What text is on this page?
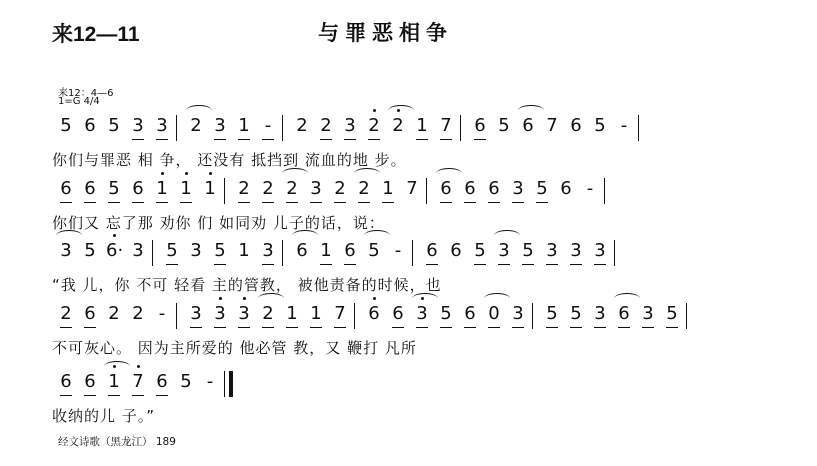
来12—11	与罪恶相争
来12：4—6
1=G 4/4
5 6 5 3 3 2 3 1 - 2 2 3 2 2 1 7 6 5 6 7 6 5 -
你们与罪恶 相 争， 还没有 抵挡到 流血的地 步。
6 6 5 6 1 1 1 2 2 2 3 2 2 1 7 6 6 6 3 5 6 -
你们又 忘了那 劝你 们 如同劝 儿子的话，说：
3 5 6· 3 5 3 5 1 3 6 1 6 5 - 6 6 5 3 5 3 3 3
“我 儿，你 不可 轻看 主的管教， 被他责备的时候，也
2 6 2 2 - 3 3 3 2 1 1 7 6 6 3 5 6 0 3 5 5 3 6 3 5
不可灰心。 因为主所爱的 他必管 教，又 鞭打 凡所
6 6 1 7 6 5 -
收纳的儿 子。”
经文诗歌（黑龙江） 189
